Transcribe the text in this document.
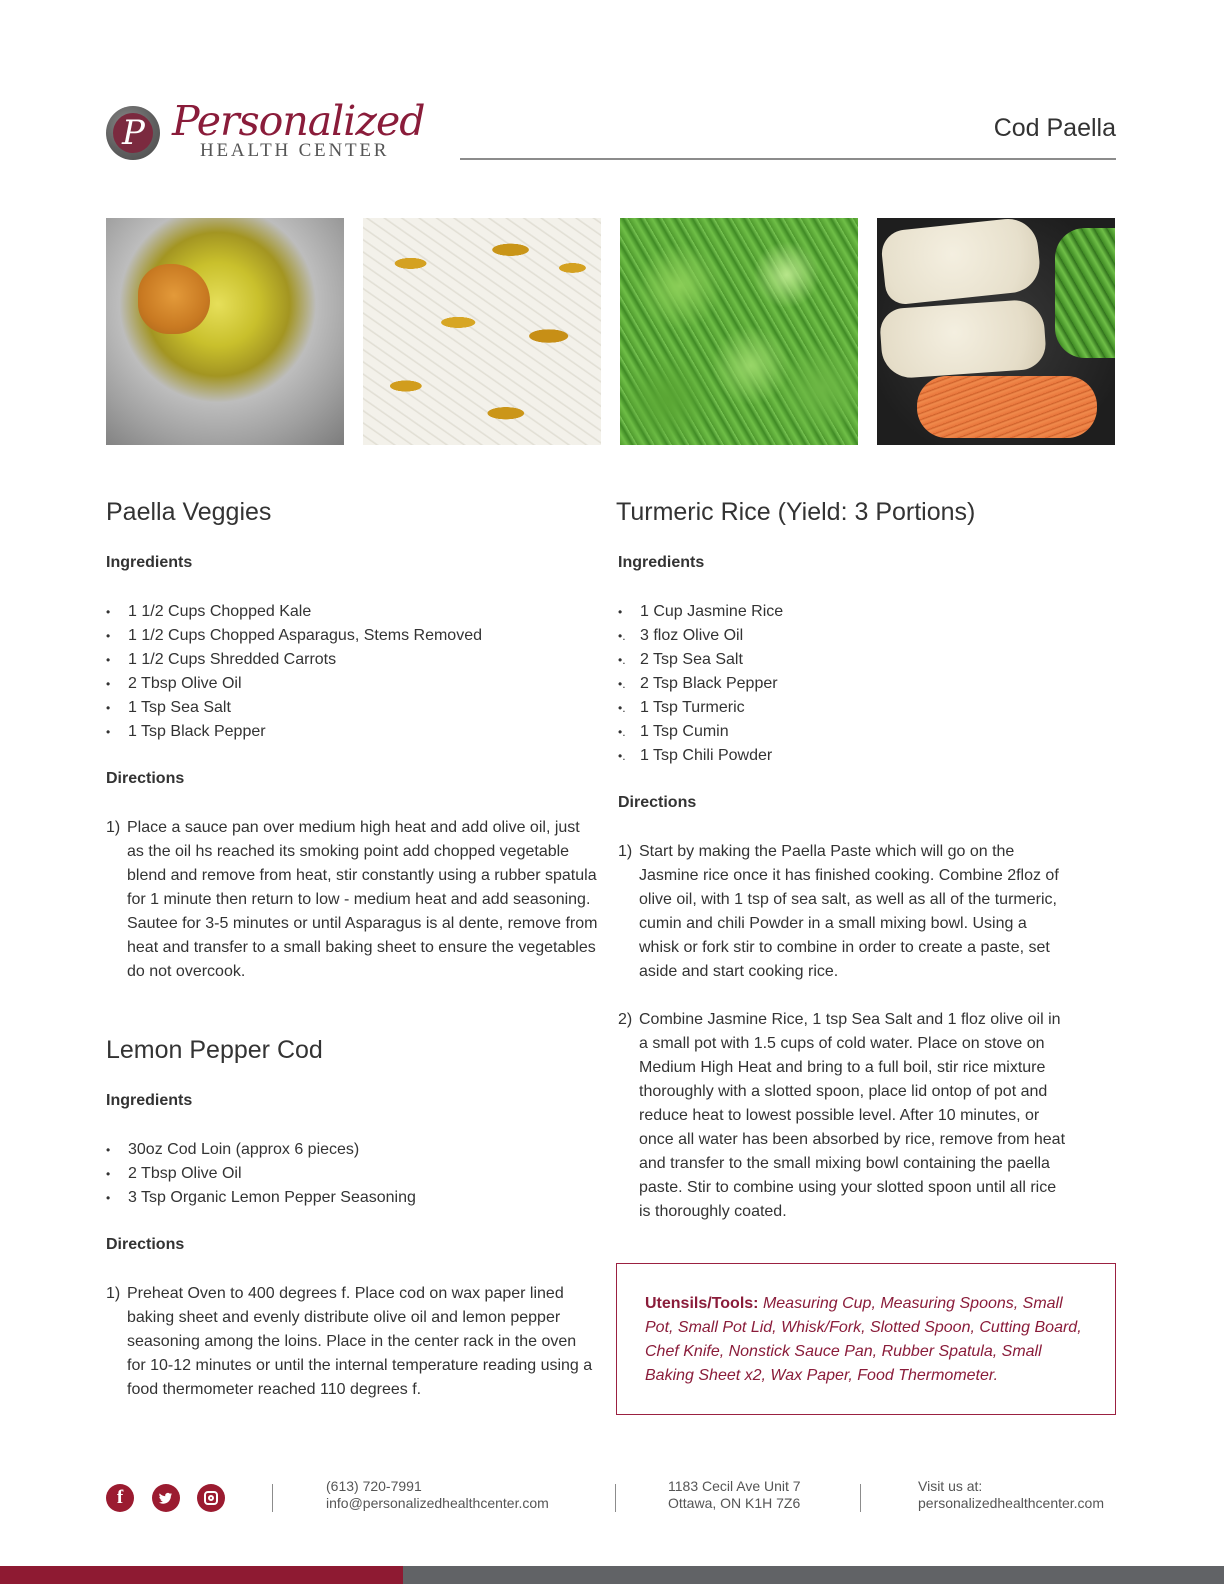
P Personalized
HEALTH CENTER
Cod Paella
Paella Veggies
Ingredients
• 1 1/2 Cups Chopped Kale
• 1 1/2 Cups Chopped Asparagus, Stems Removed
• 1 1/2 Cups Shredded Carrots
• 2 Tbsp Olive Oil
• 1 Tsp Sea Salt
• 1 Tsp Black Pepper
Directions
1) Place a sauce pan over medium high heat and add olive oil, just as the oil hs reached its smoking point add chopped vegetable blend and remove from heat, stir constantly using a rubber spatula for 1 minute then return to low - medium heat and add seasoning. Sautee for 3-5 minutes or until Asparagus is al dente, remove from heat and transfer to a small baking sheet to ensure the vegetables do not overcook.
Lemon Pepper Cod
Ingredients
• 30oz Cod Loin (approx 6 pieces)
• 2 Tbsp Olive Oil
• 3 Tsp Organic Lemon Pepper Seasoning
Directions
1) Preheat Oven to 400 degrees f. Place cod on wax paper lined baking sheet and evenly distribute olive oil and lemon pepper seasoning among the loins. Place in the center rack in the oven for 10-12 minutes or until the internal temperature reading using a food thermometer reached 110 degrees f.
Turmeric Rice (Yield: 3 Portions)
Ingredients
• 1 Cup Jasmine Rice
•. 3 floz Olive Oil
•. 2 Tsp Sea Salt
•. 2 Tsp Black Pepper
•. 1 Tsp Turmeric
•. 1 Tsp Cumin
•. 1 Tsp Chili Powder
Directions
1) Start by making the Paella Paste which will go on the Jasmine rice once it has finished cooking. Combine 2floz of olive oil, with 1 tsp of sea salt, as well as all of the turmeric, cumin and chili Powder in a small mixing bowl. Using a whisk or fork stir to combine in order to create a paste, set aside and start cooking rice.
2) Combine Jasmine Rice, 1 tsp Sea Salt and 1 floz olive oil in a small pot with 1.5 cups of cold water. Place on stove on Medium High Heat and bring to a full boil, stir rice mixture thoroughly with a slotted spoon, place lid ontop of pot and reduce heat to lowest possible level. After 10 minutes, or once all water has been absorbed by rice, remove from heat and transfer to the small mixing bowl containing the paella paste. Stir to combine using your slotted spoon until all rice is thoroughly coated.
Utensils/Tools: Measuring Cup, Measuring Spoons, Small Pot, Small Pot Lid, Whisk/Fork, Slotted Spoon, Cutting Board, Chef Knife, Nonstick Sauce Pan, Rubber Spatula, Small Baking Sheet x2, Wax Paper, Food Thermometer.
f
(613) 720-7991
info@personalizedhealthcenter.com
1183 Cecil Ave Unit 7
Ottawa, ON K1H 7Z6
Visit us at:
personalizedhealthcenter.com
